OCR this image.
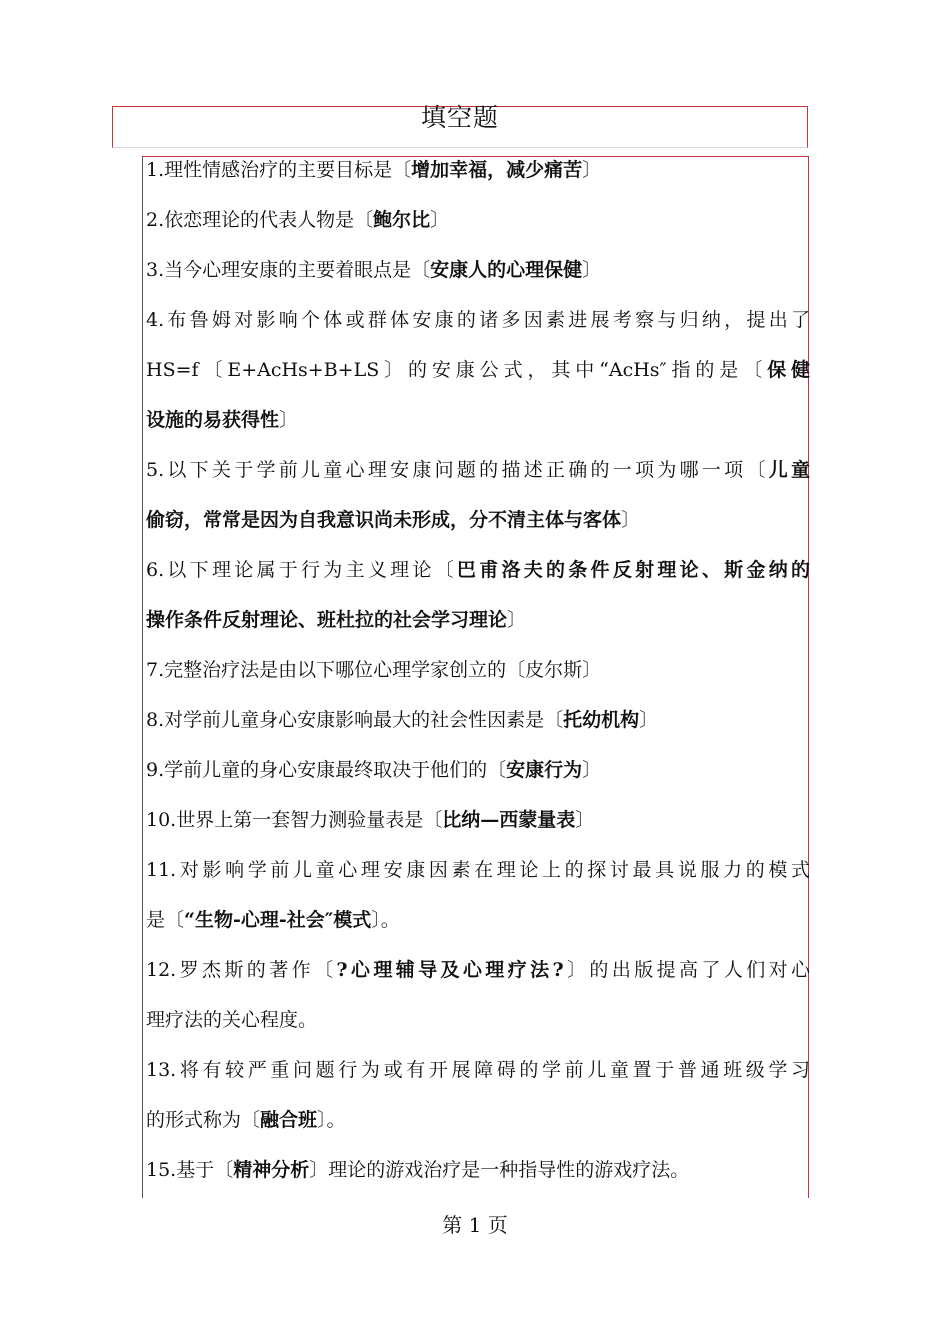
填空题
1.理性情感治疗的主要目标是〔增加幸福，减少痛苦〕
2.依恋理论的代表人物是〔鲍尔比〕
3.当今心理安康的主要着眼点是〔安康人的心理保健〕
4.布鲁姆对影响个体或群体安康的诸多因素进展考察与归纳，提出了
HS=f〔E+AcHs+B+LS〕的安康公式，其中“AcHs″指的是〔保健
设施的易获得性〕
5.以下关于学前儿童心理安康问题的描述正确的一项为哪一项〔儿童
偷窃，常常是因为自我意识尚未形成，分不清主体与客体〕
6.以下理论属于行为主义理论〔巴甫洛夫的条件反射理论、斯金纳的
操作条件反射理论、班杜拉的社会学习理论〕
7.完整治疗法是由以下哪位心理学家创立的〔皮尔斯〕
8.对学前儿童身心安康影响最大的社会性因素是〔托幼机构〕
9.学前儿童的身心安康最终取决于他们的〔安康行为〕
10.世界上第一套智力测验量表是〔比纳—西蒙量表〕
11.对影响学前儿童心理安康因素在理论上的探讨最具说服力的模式
是〔“生物-心理-社会″模式〕。
12.罗杰斯的著作〔?心理辅导及心理疗法?〕的出版提高了人们对心
理疗法的关心程度。
13.将有较严重问题行为或有开展障碍的学前儿童置于普通班级学习
的形式称为〔融合班〕。
15.基于〔精神分析〕理论的游戏治疗是一种指导性的游戏疗法。
第 1 页
